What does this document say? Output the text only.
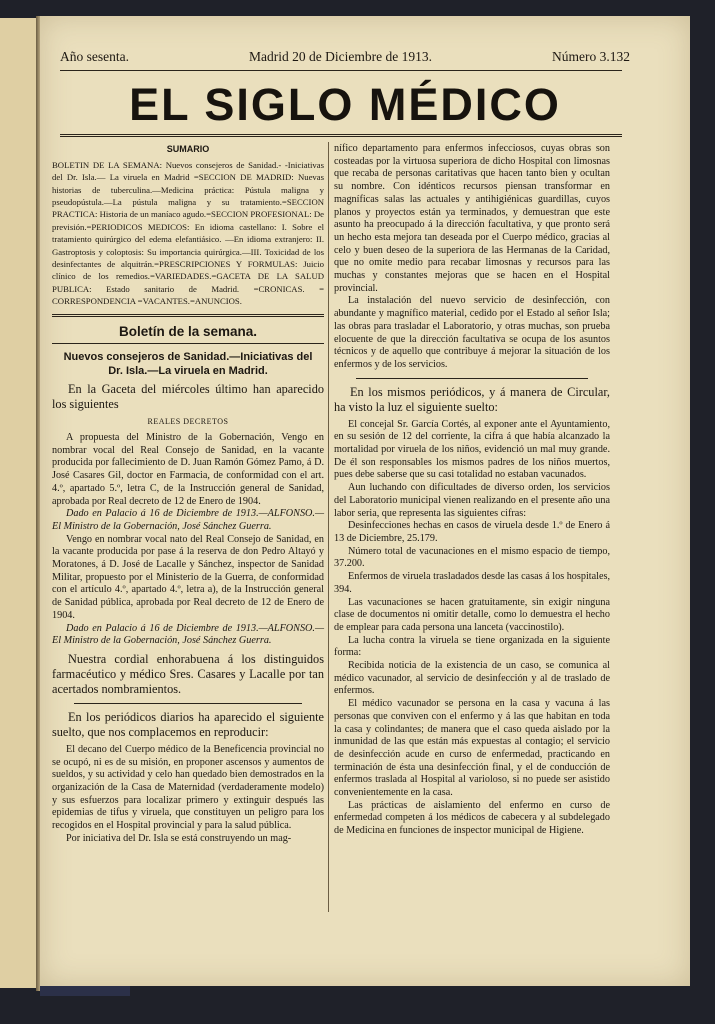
Año sesenta.	Madrid 20 de Diciembre de 1913.	Número 3.132
EL SIGLO MÉDICO
SUMARIO
BOLETIN DE LA SEMANA: Nuevos consejeros de Sanidad.- -Iniciativas del Dr. Isla.— La viruela en Madrid =SECCION DE MADRID: Nuevas historias de tuberculina.—Medicina práctica: Pústula maligna y pseudopústula.—La pústula maligna y su tratamiento.=SECCION PRACTICA: Historia de un maníaco agudo.=SECCION PROFESIONAL: De previsión.=PERIODICOS MEDICOS: En idioma castellano: I. Sobre el tratamiento quirúrgico del edema elefantiásico. —En idioma extranjero: II. Gastroptosis y coloptosis: Su importancia quirúrgica.—III. Toxicidad de los desinfectantes de alquitrán.=PRESCRIPCIONES Y FORMULAS: Juicio clínico de los remedios.=VARIEDADES.=GACETA DE LA SALUD PUBLICA: Estado sanitario de Madrid. =CRONICAS. = CORRESPONDENCIA =VACANTES.=ANUNCIOS.
Boletín de la semana.
Nuevos consejeros de Sanidad.—Iniciativas del Dr. Isla.—La viruela en Madrid.
En la Gaceta del miércoles último han aparecido los siguientes
REALES DECRETOS
A propuesta del Ministro de la Gobernación, Vengo en nombrar vocal del Real Consejo de Sanidad, en la vacante producida por fallecimiento de D. Juan Ramón Gómez Pamo, á D. José Casares Gil, doctor en Farmacia, de conformidad con el art. 4.º, apartado 5.º, letra C, de la Instrucción general de Sanidad, aprobada por Real decreto de 12 de Enero de 1904.
Dado en Palacio á 16 de Diciembre de 1913.—ALFONSO.—El Ministro de la Gobernación, José Sánchez Guerra.
Vengo en nombrar vocal nato del Real Consejo de Sanidad, en la vacante producida por pase á la reserva de don Pedro Altayó y Moratones, á D. José de Lacalle y Sánchez, inspector de Sanidad Militar, propuesto por el Ministerio de la Guerra, de conformidad con el artículo 4.º, apartado 4.º, letra a), de la Instrucción general de Sanidad pública, aprobada por Real decreto de 12 de Enero de 1904.
Dado en Palacio á 16 de Diciembre de 1913.—ALFONSO.—El Ministro de la Gobernación, José Sánchez Guerra.
Nuestra cordial enhorabuena á los distinguidos farmacéutico y médico Sres. Casares y Lacalle por tan acertados nombramientos.
En los periódicos diarios ha aparecido el siguiente suelto, que nos complacemos en reproducir:
El decano del Cuerpo médico de la Beneficencia provincial no se ocupó, ni es de su misión, en proponer ascensos y aumentos de sueldos, y su actividad y celo han quedado bien demostrados en la organización de la Casa de Maternidad (verdaderamente modelo) y sus esfuerzos para localizar primero y extinguir después las epidemias de tifus y viruela, que constituyen un peligro para los recogidos en el Hospital provincial y para la salud pública.
Por iniciativa del Dr. Isla se está construyendo un mag-
nífico departamento para enfermos infecciosos, cuyas obras son costeadas por la virtuosa superiora de dicho Hospital con limosnas que recaba de personas caritativas que hacen tanto bien y ocultan su nombre. Con idénticos recursos piensan transformar en magníficas salas las actuales y antihigiénicas guardillas, cuyos planos y proyectos están ya terminados, y demuestran que este asunto ha preocupado á la dirección facultativa, y que pronto será un hecho esta mejora tan deseada por el Cuerpo médico, gracias al celo y buen deseo de la superiora de las Hermanas de la Caridad, que no omite medio para recabar limosnas y recursos para las muchas y constantes mejoras que se hacen en el Hospital provincial.
La instalación del nuevo servicio de desinfección, con abundante y magnífico material, cedido por el Estado al señor Isla; las obras para trasladar el Laboratorio, y otras muchas, son prueba elocuente de que la dirección facultativa se ocupa de los asuntos técnicos y de aquello que contribuye á mejorar la situación de los enfermos y de los servicios.
En los mismos periódicos, y á manera de Circular, ha visto la luz el siguiente suelto:
El concejal Sr. García Cortés, al exponer ante el Ayuntamiento, en su sesión de 12 del corriente, la cifra á que había alcanzado la mortalidad por viruela de los niños, evidenció un mal muy grande. De él son responsables los mismos padres de los niños muertos, pues debe saberse que su casi totalidad no estaban vacunados.
Aun luchando con dificultades de diverso orden, los servicios del Laboratorio municipal vienen realizando en el presente año una labor seria, que representa las siguientes cifras:
Desinfecciones hechas en casos de viruela desde 1.º de Enero á 13 de Diciembre, 25.179.
Número total de vacunaciones en el mismo espacio de tiempo, 37.200.
Enfermos de viruela trasladados desde las casas á los hospitales, 394.
Las vacunaciones se hacen gratuitamente, sin exigir ninguna clase de documentos ni omitir detalle, como lo demuestra el hecho de emplear para cada persona una lanceta (vaccinostilo).
La lucha contra la viruela se tiene organizada en la siguiente forma:
Recibida noticia de la existencia de un caso, se comunica al médico vacunador, al servicio de desinfección y al de traslado de enfermos.
El médico vacunador se persona en la casa y vacuna á las personas que conviven con el enfermo y á las que habitan en toda la casa y colindantes; de manera que el caso queda aislado por la inmunidad de las que están más expuestas al contagio; el servicio de desinfección acude en curso de enfermedad, practicando en terminación de ésta una desinfección final, y el de conducción de enfermos traslada al Hospital al varioloso, si no puede ser asistido convenientemente en la casa.
Las prácticas de aislamiento del enfermo en curso de enfermedad competen á los médicos de cabecera y al subdelegado de Medicina en funciones de inspector municipal de Higiene.
